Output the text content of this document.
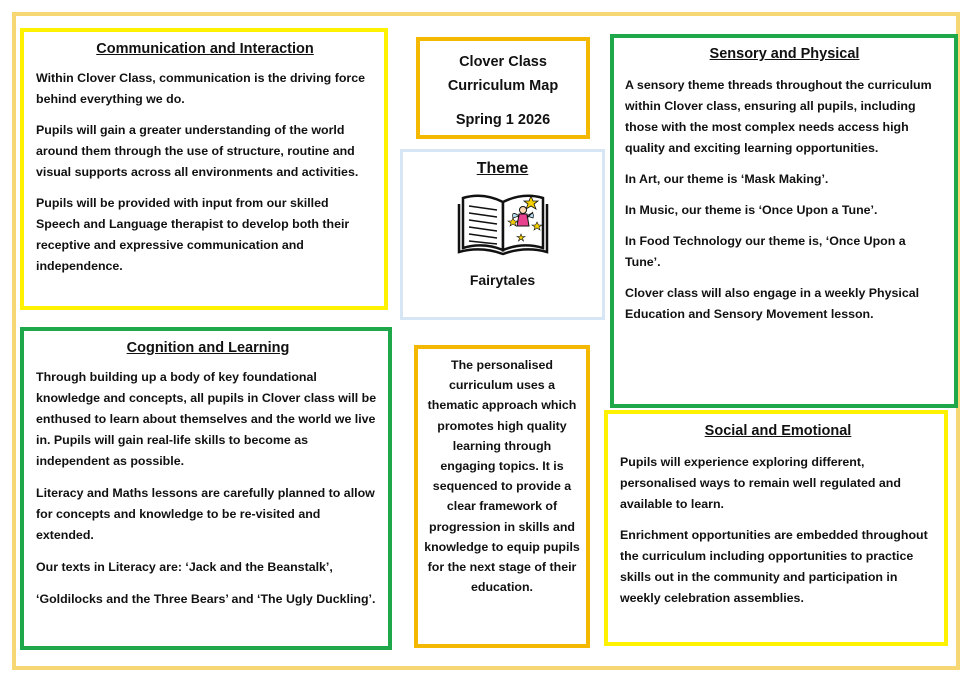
Communication and Interaction

Within Clover Class, communication is the driving force behind everything we do.

Pupils will gain a greater understanding of the world around them through the use of structure, routine and visual supports across all environments and activities.

Pupils will be provided with input from our skilled Speech and Language therapist to develop both their receptive and expressive communication and independence.

Clover Class
Curriculum Map
Spring 1 2026
Theme
Fairytales
Sensory and Physical

A sensory theme threads throughout the curriculum within Clover class, ensuring all pupils, including those with the most complex needs access high quality and exciting learning opportunities.

In Art, our theme is ‘Mask Making’.

In Music, our theme is ‘Once Upon a Tune’.

In Food Technology our theme is, ‘Once Upon a Tune’.

Clover class will also engage in a weekly Physical Education and Sensory Movement lesson.

Cognition and Learning

Through building up a body of key foundational knowledge and concepts, all pupils in Clover class will be enthused to learn about themselves and the world we live in. Pupils will gain real-life skills to become as independent as possible.

Literacy and Maths lessons are carefully planned to allow for concepts and knowledge to be re-visited and extended.

Our texts in Literacy are: ‘Jack and the Beanstalk’,

‘Goldilocks and the Three Bears’ and ‘The Ugly Duckling’.

The personalised curriculum uses a thematic approach which promotes high quality learning through engaging topics. It is sequenced to provide a clear framework of progression in skills and knowledge to equip pupils for the next stage of their education.

Social and Emotional

Pupils will experience exploring different, personalised ways to remain well regulated and available to learn.

Enrichment opportunities are embedded throughout the curriculum including opportunities to practice skills out in the community and participation in weekly celebration assemblies.
